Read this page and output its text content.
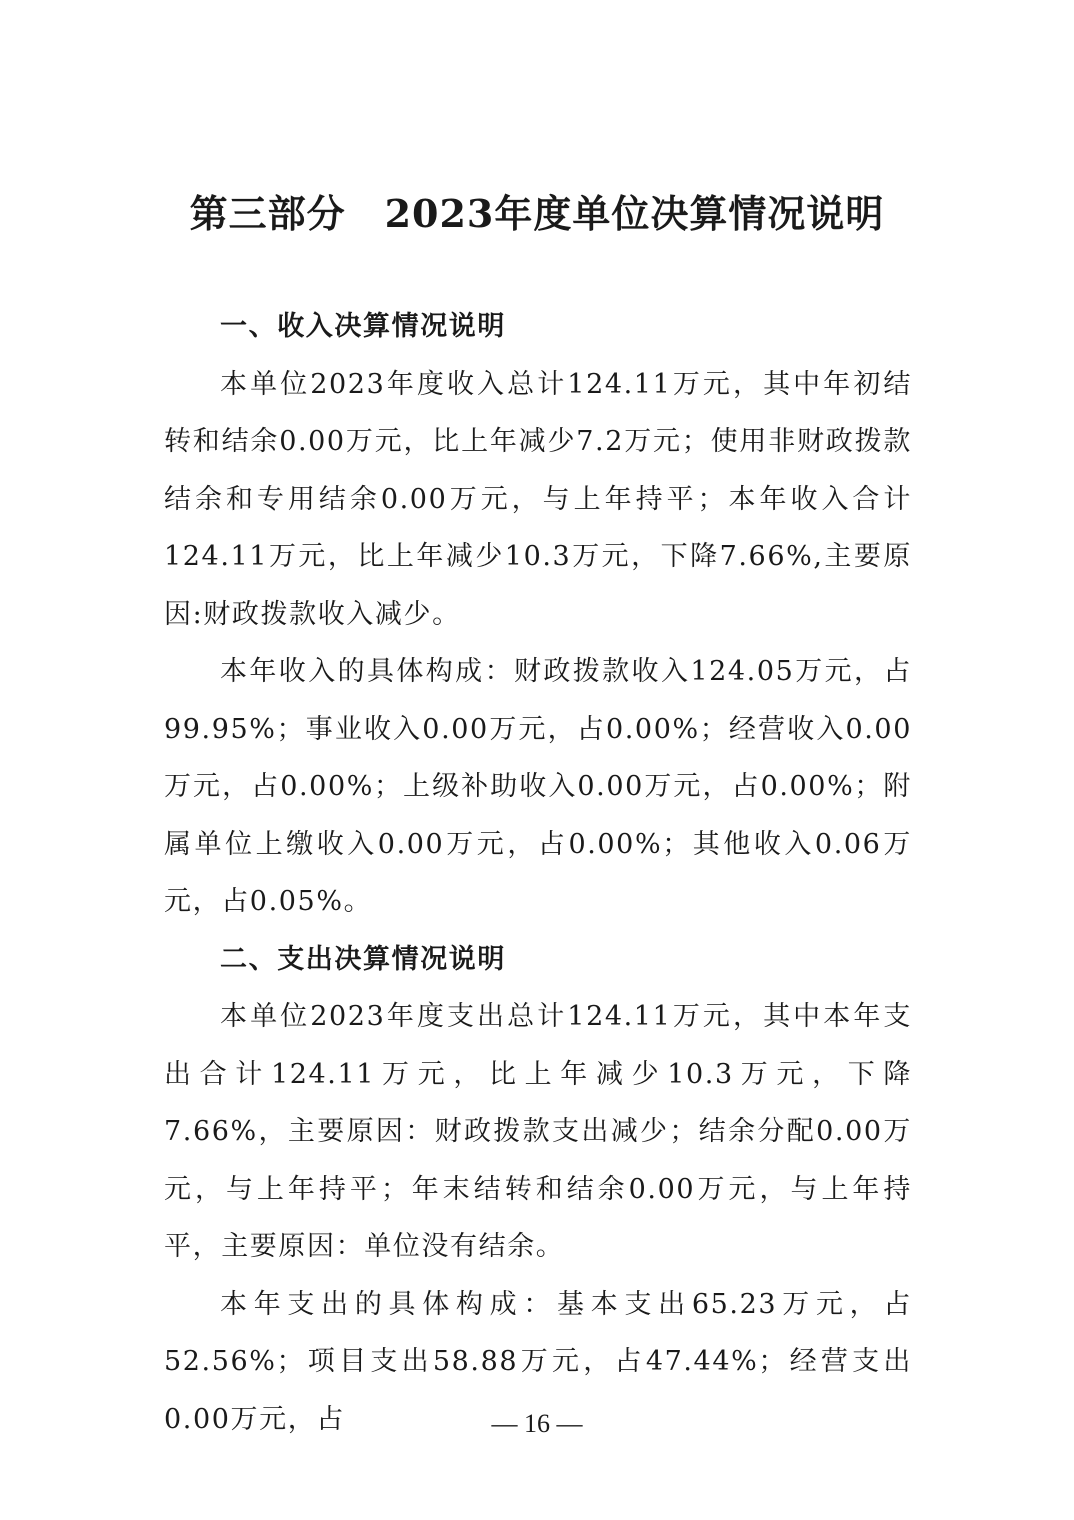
第三部分　2023年度单位决算情况说明

一、收入决算情况说明

本单位2023年度收入总计124.11万元，其中年初结转和结余0.00万元，比上年减少7.2万元；使用非财政拨款结余和专用结余0.00万元，与上年持平；本年收入合计124.11万元，比上年减少10.3万元，下降7.66%,主要原因:财政拨款收入减少。

本年收入的具体构成：财政拨款收入124.05万元，占99.95%；事业收入0.00万元，占0.00%；经营收入0.00万元，占0.00%；上级补助收入0.00万元，占0.00%；附属单位上缴收入0.00万元，占0.00%；其他收入0.06万元，占0.05%。

二、支出决算情况说明

本单位2023年度支出总计124.11万元，其中本年支出合计124.11万元，比上年减少10.3万元，下降7.66%，主要原因：财政拨款支出减少；结余分配0.00万元，与上年持平；年末结转和结余0.00万元，与上年持平，主要原因：单位没有结余。

本年支出的具体构成：基本支出65.23万元，占52.56%；项目支出58.88万元，占47.44%；经营支出0.00万元，占	— 16 —
